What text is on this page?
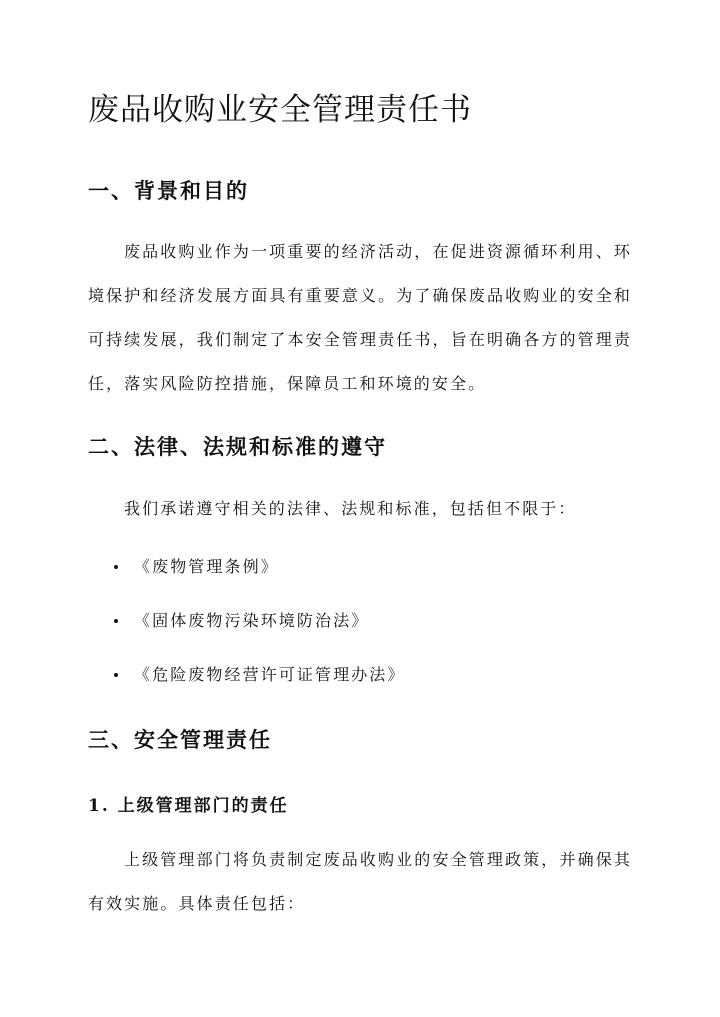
废品收购业安全管理责任书
一、背景和目的

废品收购业作为一项重要的经济活动，在促进资源循环利用、环境保护和经济发展方面具有重要意义。为了确保废品收购业的安全和可持续发展，我们制定了本安全管理责任书，旨在明确各方的管理责任，落实风险防控措施，保障员工和环境的安全。

二、法律、法规和标准的遵守

我们承诺遵守相关的法律、法规和标准，包括但不限于：

《废物管理条例》
《固体废物污染环境防治法》
《危险废物经营许可证管理办法》
三、安全管理责任
1. 上级管理部门的责任

上级管理部门将负责制定废品收购业的安全管理政策，并确保其有效实施。具体责任包括：
